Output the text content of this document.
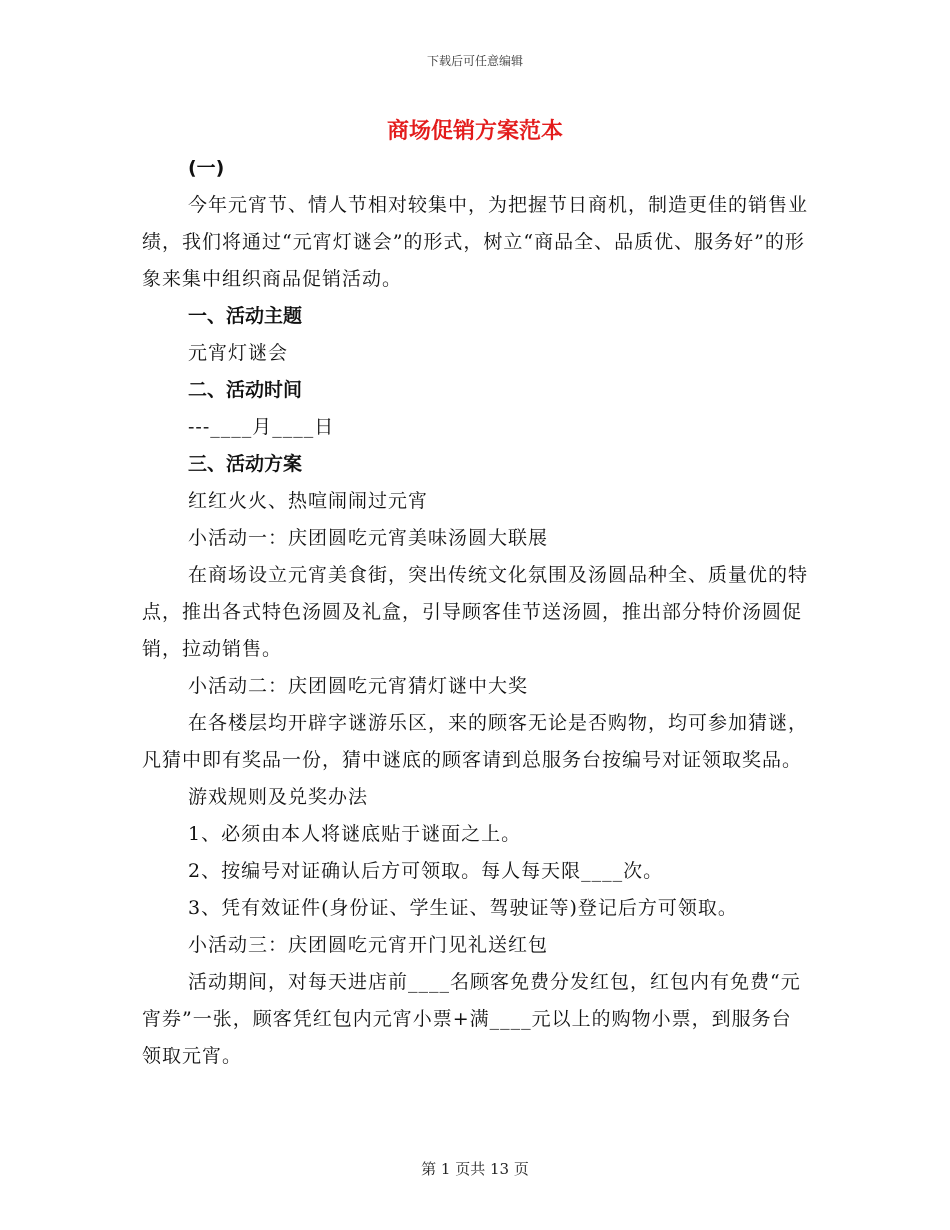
下载后可任意编辑
商场促销方案范本

(一)

今年元宵节、情人节相对较集中，为把握节日商机，制造更佳的销售业绩，我们将通过“元宵灯谜会”的形式，树立“商品全、品质优、服务好”的形象来集中组织商品促销活动。

一、活动主题

元宵灯谜会

二、活动时间

---____月____日

三、活动方案

红红火火、热喧闹闹过元宵

小活动一：庆团圆吃元宵美味汤圆大联展

在商场设立元宵美食街，突出传统文化氛围及汤圆品种全、质量优的特点，推出各式特色汤圆及礼盒，引导顾客佳节送汤圆，推出部分特价汤圆促销，拉动销售。

小活动二：庆团圆吃元宵猜灯谜中大奖

在各楼层均开辟字谜游乐区，来的顾客无论是否购物，均可参加猜谜，凡猜中即有奖品一份，猜中谜底的顾客请到总服务台按编号对证领取奖品。

游戏规则及兑奖办法

1、必须由本人将谜底贴于谜面之上。

2、按编号对证确认后方可领取。每人每天限____次。

3、凭有效证件(身份证、学生证、驾驶证等)登记后方可领取。

小活动三：庆团圆吃元宵开门见礼送红包

活动期间，对每天进店前____名顾客免费分发红包，红包内有免费“元宵券”一张，顾客凭红包内元宵小票+满____元以上的购物小票，到服务台领取元宵。

第 1 页共 13 页
